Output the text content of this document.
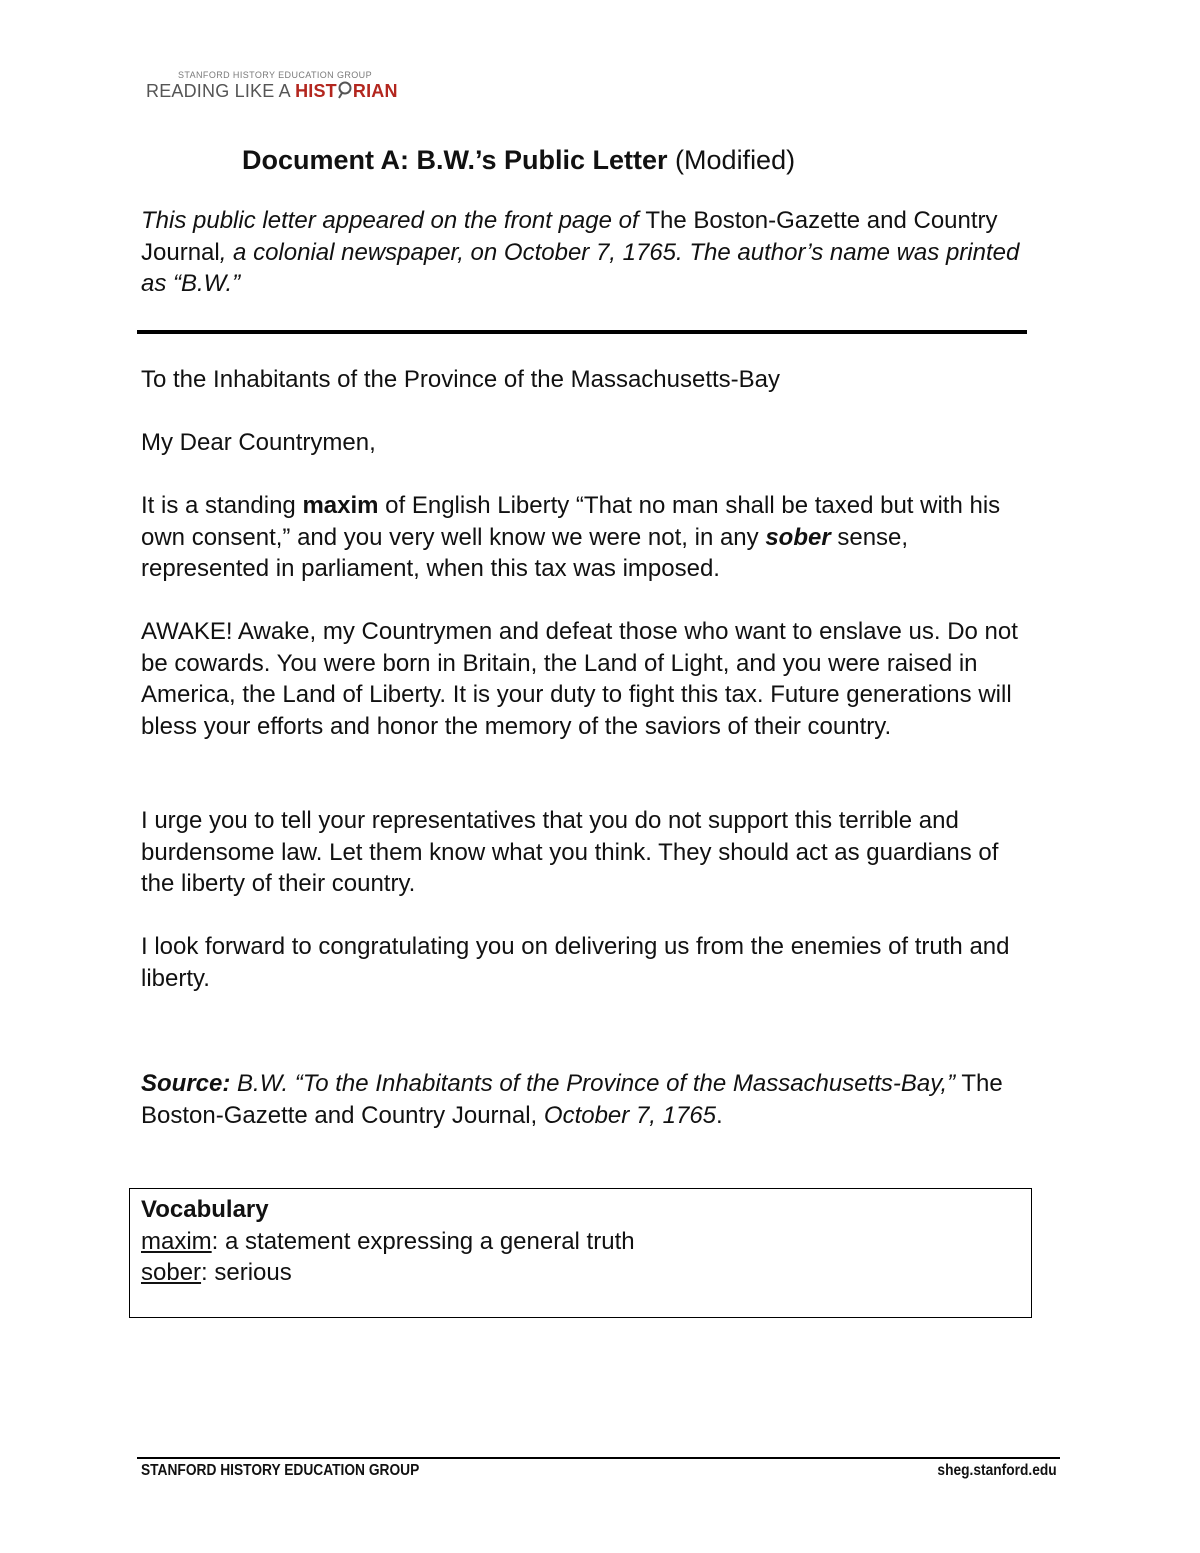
STANFORD HISTORY EDUCATION GROUP
READING LIKE A HIST RIAN
Document A: B.W.’s Public Letter (Modified)
This public letter appeared on the front page of The Boston-Gazette and Country Journal, a colonial newspaper, on October 7, 1765. The author’s name was printed as “B.W.”

To the Inhabitants of the Province of the Massachusetts-Bay

My Dear Countrymen,

It is a standing maxim of English Liberty “That no man shall be taxed but with his own consent,” and you very well know we were not, in any sober sense, represented in parliament, when this tax was imposed.

AWAKE! Awake, my Countrymen and defeat those who want to enslave us. Do not be cowards. You were born in Britain, the Land of Light, and you were raised in America, the Land of Liberty. It is your duty to fight this tax. Future generations will bless your efforts and honor the memory of the saviors of their country.

I urge you to tell your representatives that you do not support this terrible and burdensome law. Let them know what you think. They should act as guardians of the liberty of their country.

I look forward to congratulating you on delivering us from the enemies of truth and liberty.

Source: B.W. “To the Inhabitants of the Province of the Massachusetts-Bay,” The Boston-Gazette and Country Journal, October 7, 1765.
Vocabulary
maxim: a statement expressing a general truth
sober: serious
STANFORD HISTORY EDUCATION GROUP	sheg.stanford.edu
